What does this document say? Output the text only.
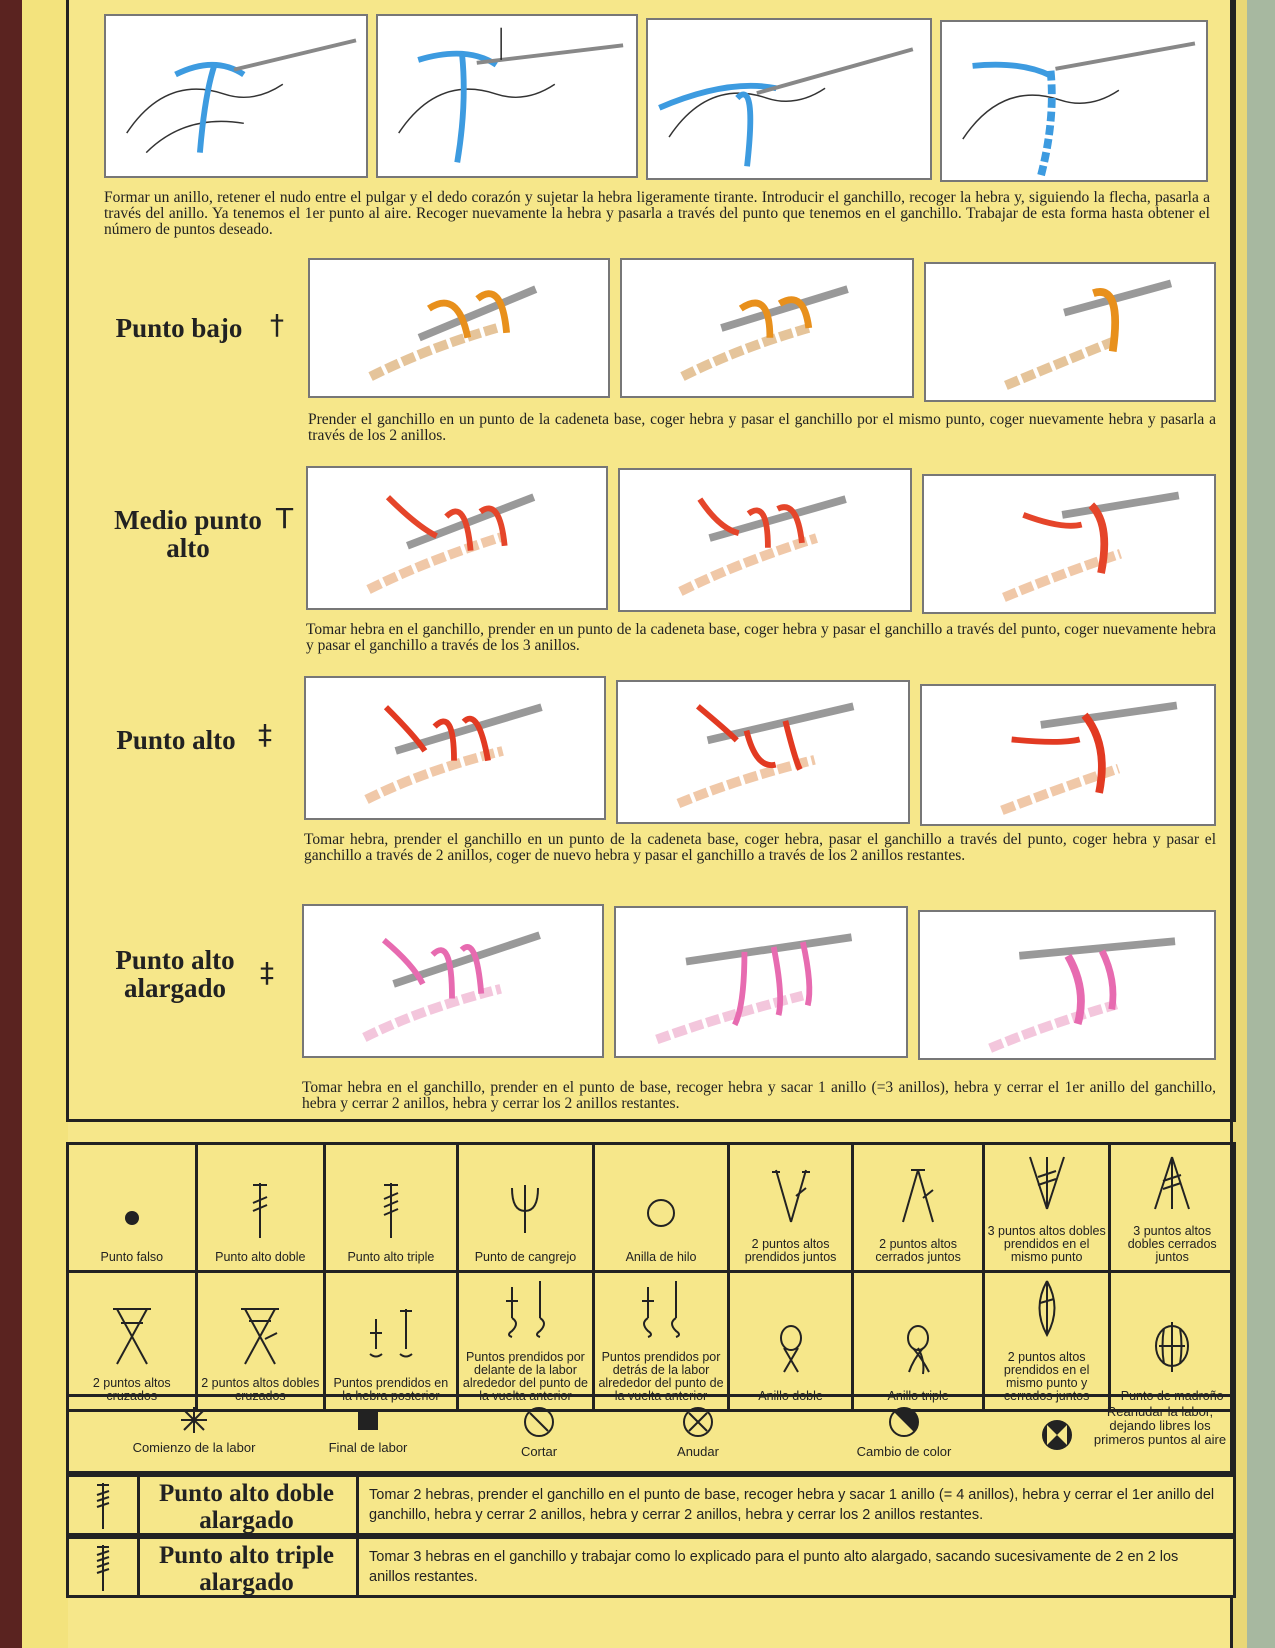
Formar un anillo, retener el nudo entre el pulgar y el dedo corazón y sujetar la hebra ligeramente tirante. Introducir el ganchillo, recoger la hebra y, siguiendo la flecha, pasarla a través del anillo. Ya tenemos el 1er punto al aire. Recoger nuevamente la hebra y pasarla a través del punto que tenemos en el ganchillo. Trabajar de esta forma hasta obtener el número de puntos deseado.
Punto bajo †
Prender el ganchillo en un punto de la cadeneta base, coger hebra y pasar el ganchillo por el mismo punto, coger nuevamente hebra y pasarla a través de los 2 anillos.
Medio punto alto
T
Tomar hebra en el ganchillo, prender en un punto de la cadeneta base, coger hebra y pasar el ganchillo a través del punto, coger nuevamente hebra y pasar el ganchillo a través de los 3 anillos.
Punto alto ‡
Tomar hebra, prender el ganchillo en un punto de la cadeneta base, coger hebra, pasar el ganchillo a través del punto, coger hebra y pasar el ganchillo a través de 2 anillos, coger de nuevo hebra y pasar el ganchillo a través de los 2 anillos restantes.
Punto alto alargado	‡
Tomar hebra en el ganchillo, prender en el punto de base, recoger hebra y sacar 1 anillo (=3 anillos), hebra y cerrar el 1er anillo del ganchillo, hebra y cerrar 2 anillos, hebra y cerrar los 2 anillos restantes.
Punto falso	Punto alto doble	Punto alto triple	Punto de cangrejo	Anilla de hilo	2 puntos altos prendidos juntos	2 puntos altos cerrados juntos	3 puntos altos dobles prendidos en el mismo punto	3 puntos altos dobles cerrados juntos

2 puntos altos cruzados	2 puntos altos dobles cruzados	Puntos prendidos en la hebra posterior	Puntos prendidos por delante de la labor alrededor del punto de la vuelta anterior	Puntos prendidos por detrás de la labor alrededor del punto de la vuelta anterior	Anillo doble	Anillo triple	2 puntos altos prendidos en el mismo punto y cerrados juntos	Punto de madroño
Comienzo de la labor	Final de labor	Cortar	Anudar	Cambio de color
Reanudar la labor, dejando libres los primeros puntos al aire
Punto alto doble alargado
Tomar 2 hebras, prender el ganchillo en el punto de base, recoger hebra y sacar 1 anillo (= 4 anillos), hebra y cerrar el 1er anillo del ganchillo, hebra y cerrar 2 anillos, hebra y cerrar 2 anillos, hebra y cerrar los 2 anillos restantes.
Punto alto triple alargado
Tomar 3 hebras en el ganchillo y trabajar como lo explicado para el punto alto alargado, sacando sucesivamente de 2 en 2 los anillos restantes.
